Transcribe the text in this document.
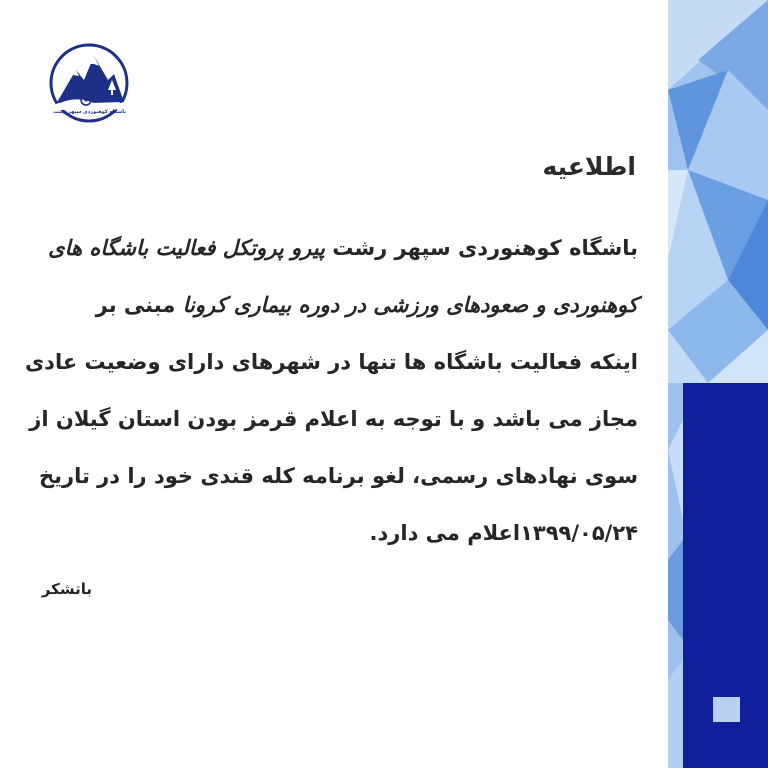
باشگاه کوهنوردی سپهر رشت
اطلاعیه
باشگاه کوهنوردی سپهر رشت پیرو پروتکل فعالیت باشگاه های
کوهنوردی و صعودهای ورزشی در دوره بیماری کرونا مبنی بر
اینکه فعالیت باشگاه ها تنها در شهرهای دارای وضعیت عادی
مجاز می باشد و با توجه به اعلام قرمز بودن استان گیلان از
سوی نهادهای رسمی، لغو برنامه کله قندی خود را در تاریخ
۱۳۹۹/۰۵/۲۴اعلام می دارد.
باتشکر
